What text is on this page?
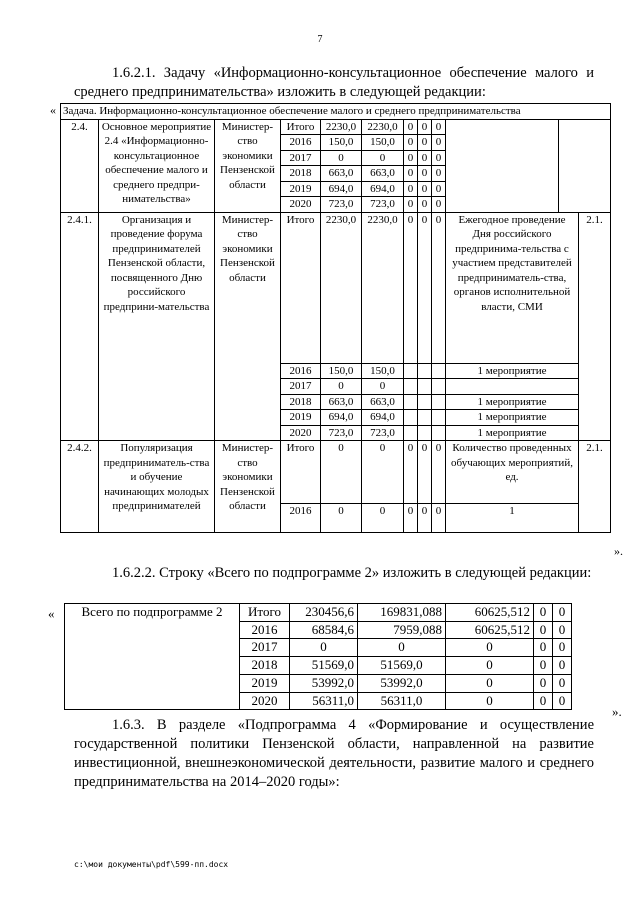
7
1.6.2.1. Задачу «Информационно-консультационное обеспечение малого и среднего предпринимательства» изложить в следующей редакции:
« Задача. Информационно-консультационное обеспечение малого и среднего предпринимательства											
2.4.	Основное мероприятие 2.4 «Информационно-консультационное обеспечение малого и среднего предпри-нимательства»	Министер-ство экономики Пензенской области	Итого	2230,0	2230,0	0	0	0			
			2016	150,0	150,0	0	0	0			
			2017	0	0	0	0	0			
			2018	663,0	663,0	0	0	0			
			2019	694,0	694,0	0	0	0			
			2020	723,0	723,0	0	0	0			
2.4.1.	Организация и проведение форума предпринимателей Пензенской области, посвященного Дню российского предприни-мательства	Министер-ство экономики Пензенской области	Итого	2230,0	2230,0	0	0	0	Ежегодное проведение Дня российского предпринима-тельства с участием представителей предприниматель-ства, органов исполнительной власти, СМИ		2.1.
			2016	150,0	150,0				1 мероприятие		
			2017	0	0						
			2018	663,0	663,0				1 мероприятие		
			2019	694,0	694,0				1 мероприятие		
			2020	723,0	723,0				1 мероприятие		
2.4.2.	Популяризация предприниматель-ства и обучение начинающих молодых предпринимателей	Министер-ство экономики Пензенской области	Итого	0	0	0	0	0	Количество проведенных обучающих мероприятий, ед.		2.1.
			2016	0	0	0	0	0	1		
».
1.6.2.2. Строку «Всего по подпрограмме 2» изложить в следующей редакции:
« Всего по подпрограмме 2	Итого	230456,6	169831,088	60625,512	0	0
	2016	68584,6	7959,088	60625,512	0	0
	2017	0	0	0	0	0
	2018	51569,0	51569,0	0	0	0
	2019	53992,0	53992,0	0	0	0
	2020	56311,0	56311,0	0	0	0
».
1.6.3. В разделе «Подпрограмма 4 «Формирование и осуществление государственной политики Пензенской области, направленной на развитие инвестиционной, внешнеэкономической деятельности, развитие малого и среднего предпринимательства на 2014–2020 годы»:
c:\мои документы\pdf\599-пп.docx
